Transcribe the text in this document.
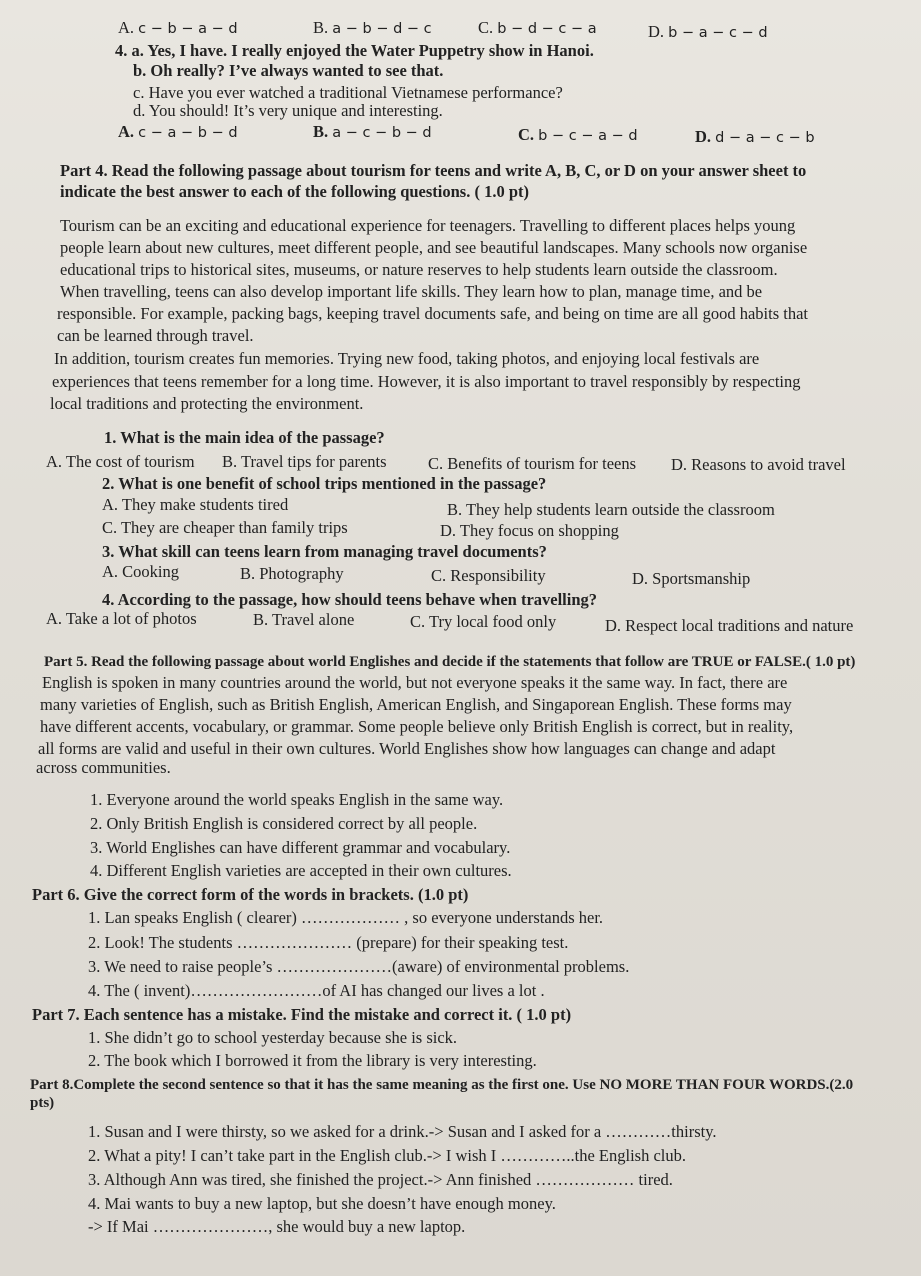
A. c − b − a − d	B. a − b − d − c	C. b − d − c − a	D. b − a − c − d
4. a. Yes, I have. I really enjoyed the Water Puppetry show in Hanoi.
b. Oh really? I’ve always wanted to see that.
c. Have you ever watched a traditional Vietnamese performance?
d. You should! It’s very unique and interesting.
A. c − a − b − d	B. a − c − b − d	C. b − c − a − d	D. d − a − c − b
Part 4. Read the following passage about tourism for teens and write A, B, C, or D on your answer sheet to
indicate the best answer to each of the following questions. ( 1.0 pt)
Tourism can be an exciting and educational experience for teenagers. Travelling to different places helps young
people learn about new cultures, meet different people, and see beautiful landscapes. Many schools now organise
educational trips to historical sites, museums, or nature reserves to help students learn outside the classroom.
When travelling, teens can also develop important life skills. They learn how to plan, manage time, and be
responsible. For example, packing bags, keeping travel documents safe, and being on time are all good habits that
can be learned through travel.
In addition, tourism creates fun memories. Trying new food, taking photos, and enjoying local festivals are
experiences that teens remember for a long time. However, it is also important to travel responsibly by respecting
local traditions and protecting the environment.
1. What is the main idea of the passage?
A. The cost of tourism B. Travel tips for parents	C. Benefits of tourism for teens D. Reasons to avoid travel
2. What is one benefit of school trips mentioned in the passage?
A. They make students tired	B. They help students learn outside the classroom
C. They are cheaper than family trips	D. They focus on shopping
3. What skill can teens learn from managing travel documents?
A. Cooking	B. Photography	C. Responsibility	D. Sportsmanship
4. According to the passage, how should teens behave when travelling?
A. Take a lot of photos	B. Travel alone	C. Try local food only	D. Respect local traditions and nature
Part 5. Read the following passage about world Englishes and decide if the statements that follow are TRUE or FALSE.( 1.0 pt)
English is spoken in many countries around the world, but not everyone speaks it the same way. In fact, there are
many varieties of English, such as British English, American English, and Singaporean English. These forms may
have different accents, vocabulary, or grammar. Some people believe only British English is correct, but in reality,
all forms are valid and useful in their own cultures. World Englishes show how languages can change and adapt
across communities.
1. Everyone around the world speaks English in the same way.
2. Only British English is considered correct by all people.
3. World Englishes can have different grammar and vocabulary.
4. Different English varieties are accepted in their own cultures.
Part 6. Give the correct form of the words in brackets. (1.0 pt)
1. Lan speaks English ( clearer) ……………… , so everyone understands her.
2. Look! The students ………………… (prepare) for their speaking test.
3. We need to raise people’s …………………(aware) of environmental problems.
4. The ( invent)……………………of AI has changed our lives a lot .
Part 7. Each sentence has a mistake. Find the mistake and correct it. ( 1.0 pt)
1. She didn’t go to school yesterday because she is sick.
2. The book which I borrowed it from the library is very interesting.
Part 8.Complete the second sentence so that it has the same meaning as the first one. Use NO MORE THAN FOUR WORDS.(2.0
pts)
1. Susan and I were thirsty, so we asked for a drink.-> Susan and I asked for a …………thirsty.
2. What a pity! I can’t take part in the English club.-> I wish I …………..the English club.
3. Although Ann was tired, she finished the project.-> Ann finished ……………… tired.
4. Mai wants to buy a new laptop, but she doesn’t have enough money.
-> If Mai …………………, she would buy a new laptop.
